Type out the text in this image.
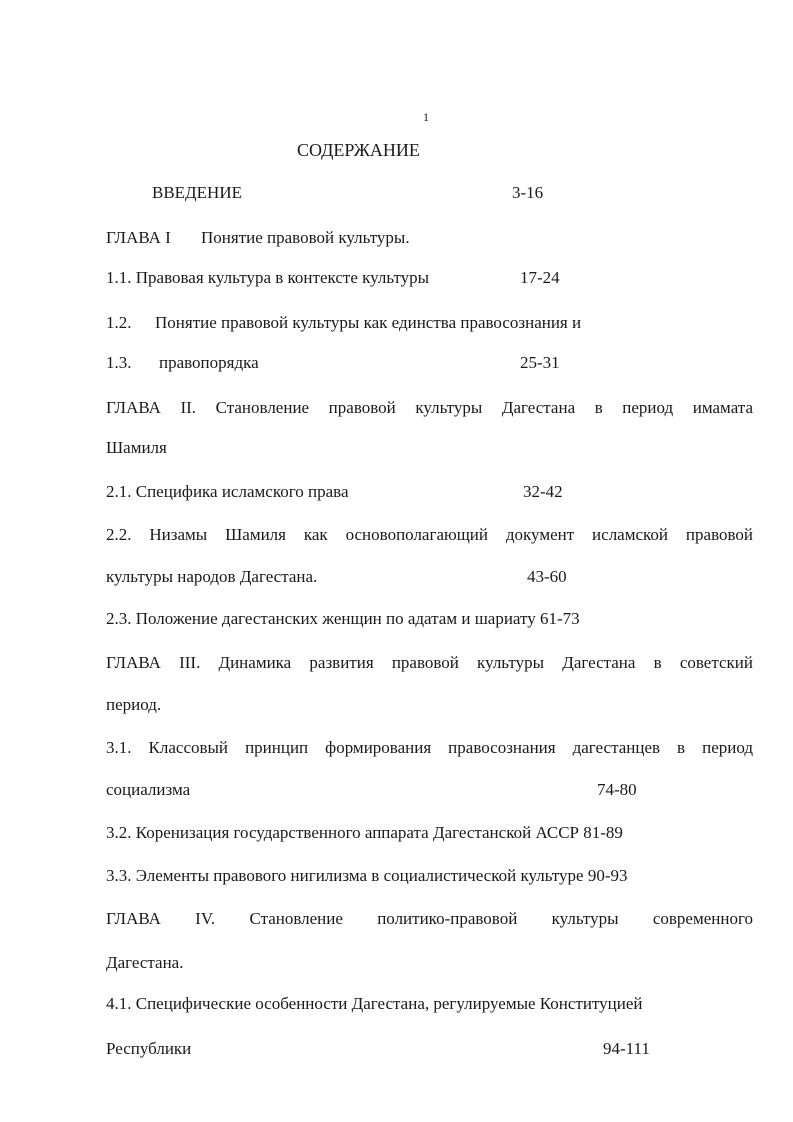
1
СОДЕРЖАНИЕ
ВВЕДЕНИЕ	3-16
ГЛАВА I Понятие правовой культуры.
1.1. Правовая культура в контексте культуры	17-24
1.2. Понятие правовой культуры как единства правосознания и
1.3. правопорядка	25-31
ГЛАВА II. Становление правовой культуры Дагестана в период имамата
Шамиля
2.1. Специфика исламского права	32-42
2.2. Низамы Шамиля как основополагающий документ исламской правовой
культуры народов Дагестана.	43-60
2.3. Положение дагестанских женщин по адатам и шариату 61-73
ГЛАВА III. Динамика развития правовой культуры Дагестана в советский
период.
3.1. Классовый принцип формирования правосознания дагестанцев в период
социализма	74-80
3.2. Коренизация государственного аппарата Дагестанской АССР 81-89
3.3. Элементы правового нигилизма в социалистической культуре 90-93
ГЛАВА IV. Становление политико-правовой культуры современного
Дагестана.
4.1. Специфические особенности Дагестана, регулируемые Конституцией
Республики	94-111
